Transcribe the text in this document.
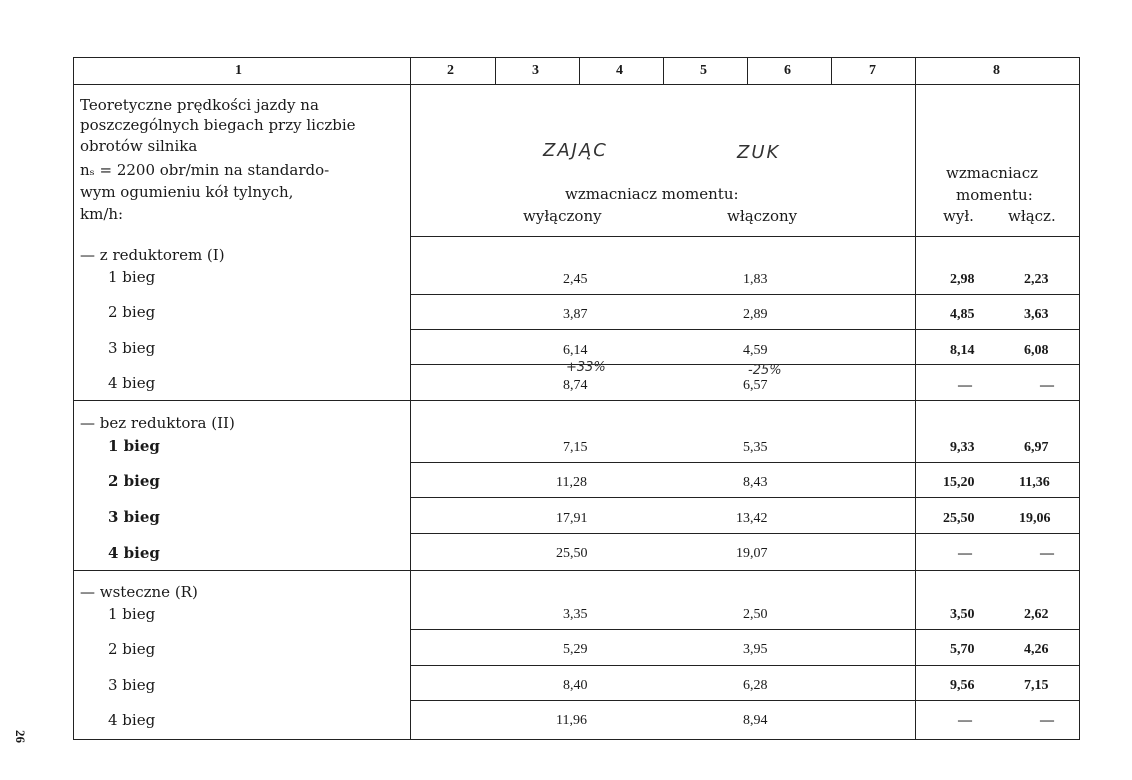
1	2	3	4	5	6	7	8
Teoretyczne prędkości jazdy na
poszczególnych biegach przy liczbie
obrotów silnika
nₛ = 2200 obr/min na standardo-
wym ogumieniu kół tylnych,
km/h:
ZAJĄC	ZUK
wzmacniacz momentu:
wyłączony	włączony
wzmacniacz
momentu:
wył. włącz.
+33%	-25%
— z reduktorem (I)
1 bieg	2,45	1,83	2,98	2,23
2 bieg	3,87	2,89	4,85	3,63
3 bieg	6,14	4,59	8,14	6,08
4 bieg	8,74	6,57	—	—
— bez reduktora (II)
1 bieg	7,15	5,35	9,33	6,97
2 bieg	11,28	8,43	15,20	11,36
3 bieg	17,91	13,42	25,50	19,06
4 bieg	25,50	19,07	—	—
— wsteczne (R)
1 bieg	3,35	2,50	3,50	2,62
2 bieg	5,29	3,95	5,70	4,26
3 bieg	8,40	6,28	9,56	7,15
4 bieg	11,96	8,94	—	—
26
